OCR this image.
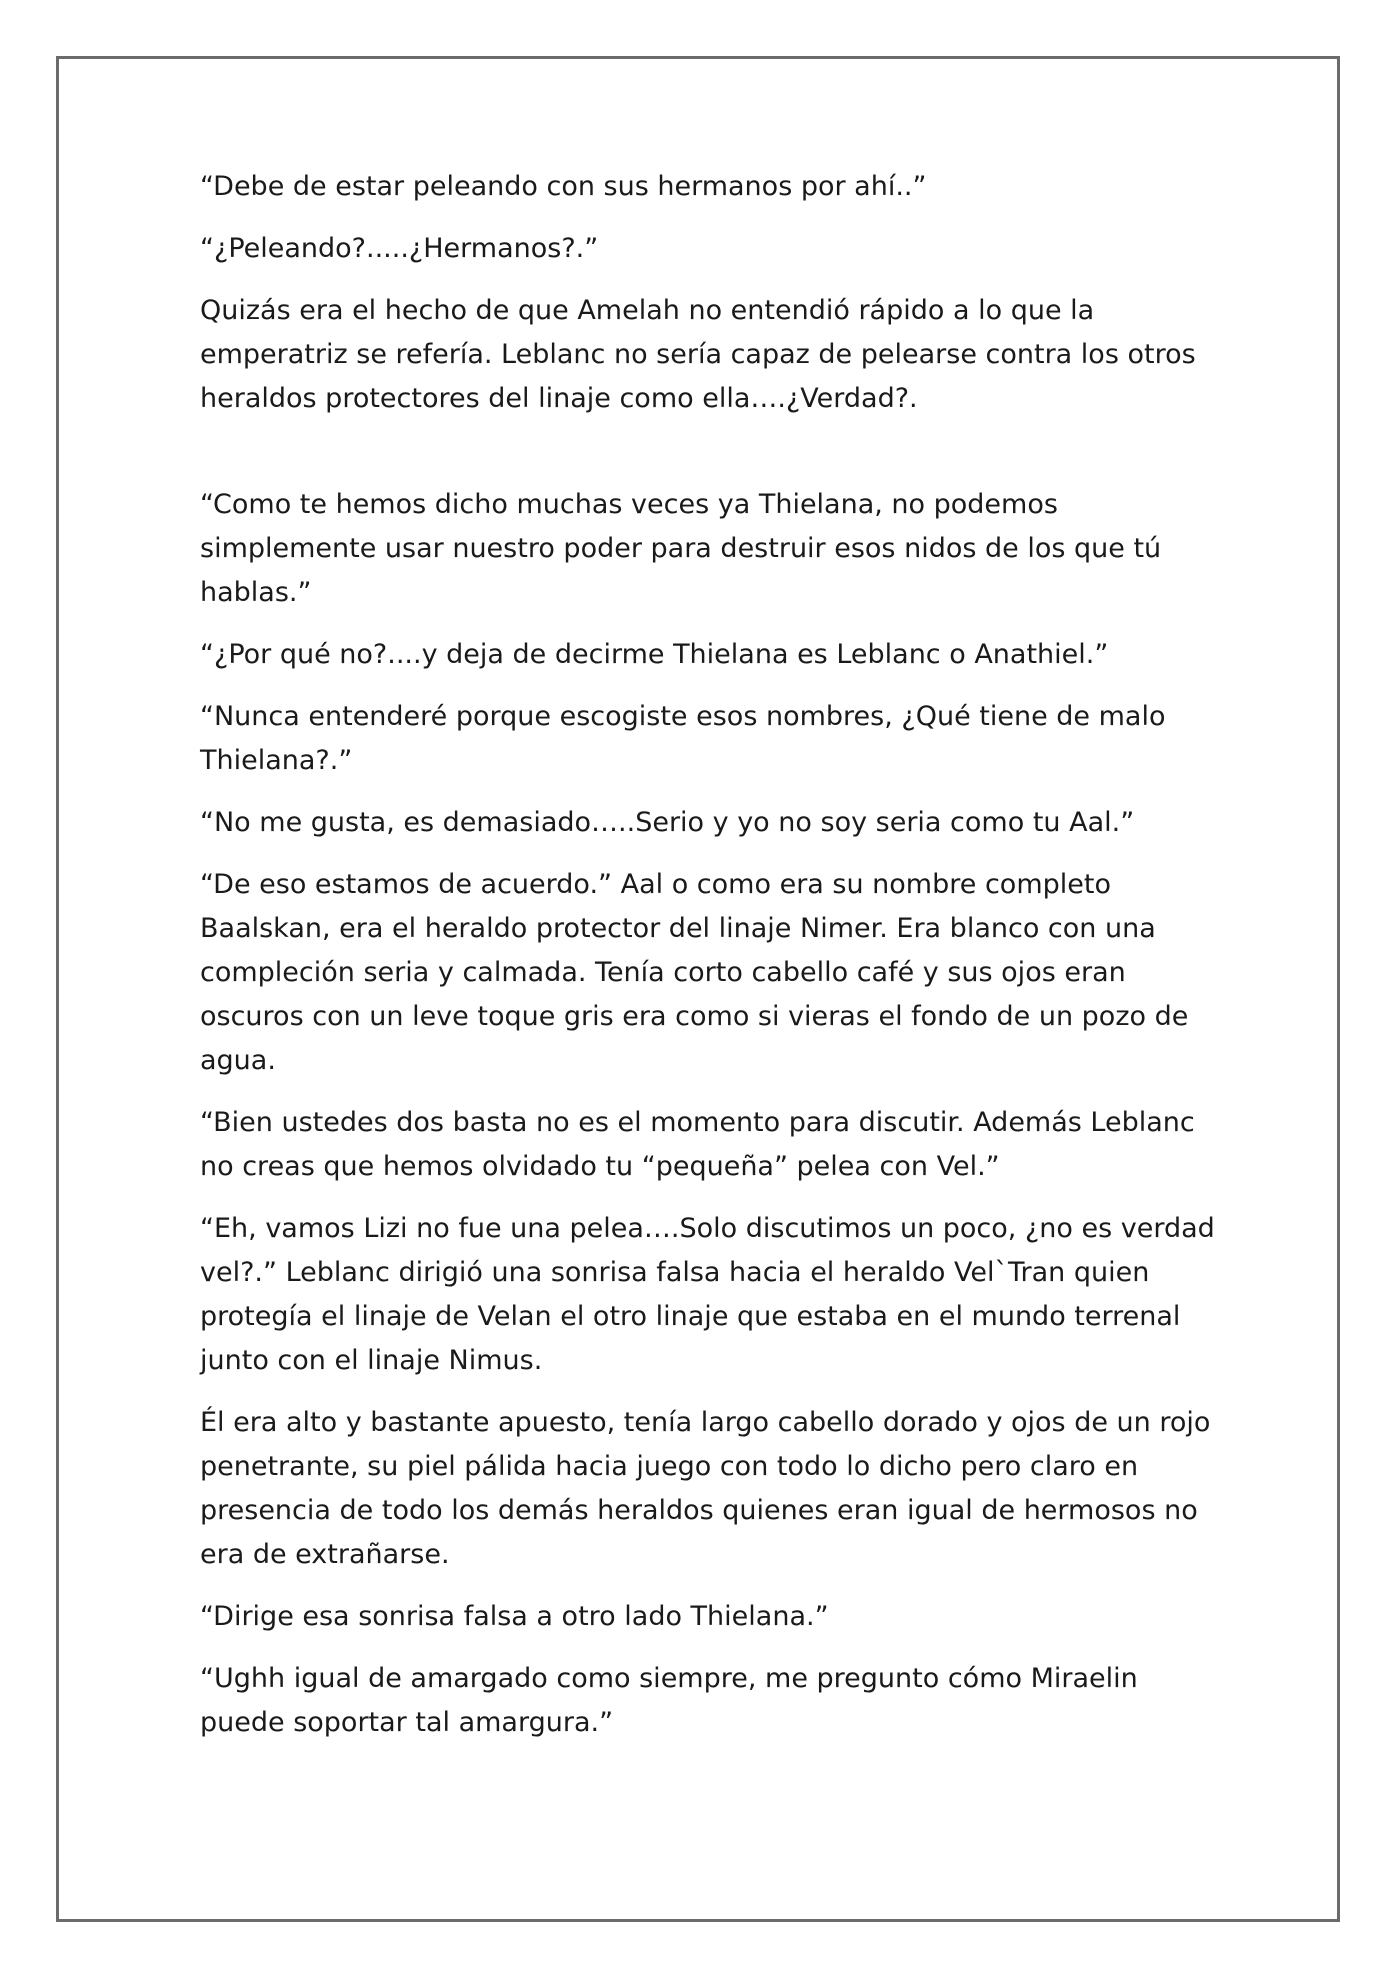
“Debe de estar peleando con sus hermanos por ahí..”

“¿Peleando?.....¿Hermanos?.”

Quizás era el hecho de que Amelah no entendió rápido a lo que la emperatriz se refería. Leblanc no sería capaz de pelearse contra los otros heraldos protectores del linaje como ella….¿Verdad?.

“Como te hemos dicho muchas veces ya Thielana, no podemos simplemente usar nuestro poder para destruir esos nidos de los que tú hablas.”

“¿Por qué no?....y deja de decirme Thielana es Leblanc o Anathiel.”

“Nunca entenderé porque escogiste esos nombres, ¿Qué tiene de malo Thielana?.”

“No me gusta, es demasiado…..Serio y yo no soy seria como tu Aal.”

“De eso estamos de acuerdo.” Aal o como era su nombre completo Baalskan, era el heraldo protector del linaje Nimer. Era blanco con una compleción seria y calmada. Tenía corto cabello café y sus ojos eran oscuros con un leve toque gris era como si vieras el fondo de un pozo de agua.

“Bien ustedes dos basta no es el momento para discutir. Además Leblanc no creas que hemos olvidado tu “pequeña” pelea con Vel.”

“Eh, vamos Lizi no fue una pelea….Solo discutimos un poco, ¿no es verdad vel?.” Leblanc dirigió una sonrisa falsa hacia el heraldo Vel`Tran quien protegía el linaje de Velan el otro linaje que estaba en el mundo terrenal junto con el linaje Nimus.

Él era alto y bastante apuesto, tenía largo cabello dorado y ojos de un rojo penetrante, su piel pálida hacia juego con todo lo dicho pero claro en presencia de todo los demás heraldos quienes eran igual de hermosos no era de extrañarse.

“Dirige esa sonrisa falsa a otro lado Thielana.”

“Ughh igual de amargado como siempre, me pregunto cómo Miraelin puede soportar tal amargura.”
